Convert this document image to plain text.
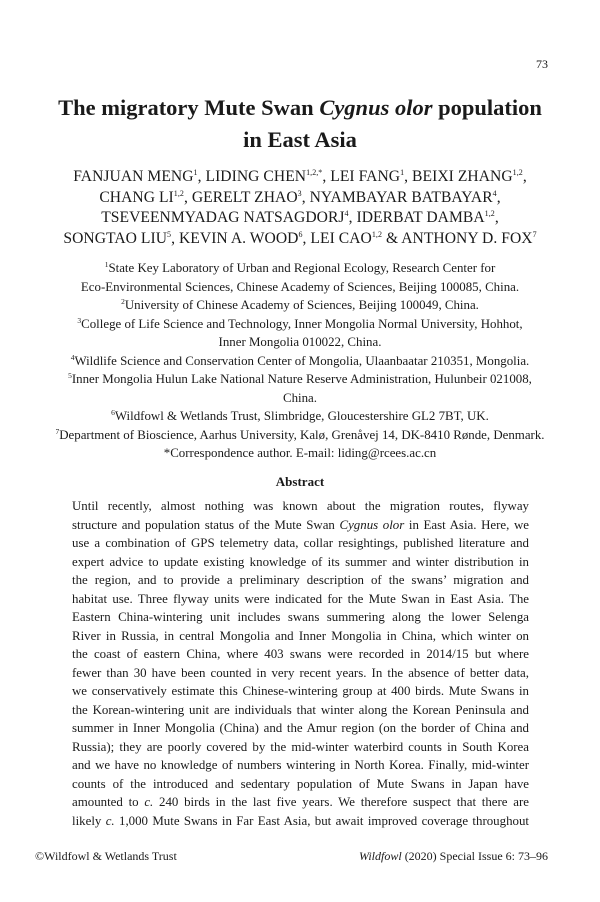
73
The migratory Mute Swan Cygnus olor population
in East Asia

FANJUAN MENG$^1$, LIDING $CHEN^{1,2,*}$, LEI FANG$^1$, BEIXI ZHANG$^{1,2}$,
CHANG LI$^{1,2}$, GERELT ZHAO$^3$, NYAMBAYAR BATBAYAR$^4$,
TSEVEENMYADAG NATSAGDORJ$^4$, IDERBAT DAMBA$^{1,2}$,
SONGTAO LIU$^5$, KEVIN A. WOOD$^6$, LEI CAO$^{1,2}$ & ANTHONY D. FOX$^7$

$^1$State Key Laboratory of Urban and Regional Ecology, Research Center for
Eco-Environmental Sciences, Chinese Academy of Sciences, Beijing 100085, China.
$^2$University of Chinese Academy of Sciences, Beijing 100049, China.
$^3$College of Life Science and Technology, Inner Mongolia Normal University, Hohhot,
Inner Mongolia 010022, China.
$^4$Wildlife Science and Conservation Center of Mongolia, Ulaanbaatar 210351, Mongolia.
$^5$Inner Mongolia Hulun Lake National Nature Reserve Administration, Hulunbeir 021008,
China.
$^6$Wildfowl & Wetlands Trust, Slimbridge, Gloucestershire GL2 7BT, UK.
$^7$Department of Bioscience, Aarhus University, Kalø, Grenåvej 14, DK-8410 Rønde, Denmark.
*Correspondence author. E-mail: liding@rcees.ac.cn

Abstract

Until recently, almost nothing was known about the migration routes, flyway
structure and population status of the Mute Swan Cygnus olor in East Asia. Here, we
use a combination of GPS telemetry data, collar resightings, published literature and
expert advice to update existing knowledge of its summer and winter distribution in
the region, and to provide a preliminary description of the swans’ migration and
habitat use. Three flyway units were indicated for the Mute Swan in East Asia. The
Eastern China-wintering unit includes swans summering along the lower Selenga
River in Russia, in central Mongolia and Inner Mongolia in China, which winter on
the coast of eastern China, where 403 swans were recorded in 2014/15 but where
fewer than 30 have been counted in very recent years. In the absence of better data,
we conservatively estimate this Chinese-wintering group at 400 birds. Mute Swans in
the Korean-wintering unit are individuals that winter along the Korean Peninsula and
summer in Inner Mongolia (China) and the Amur region (on the border of China and
Russia); they are poorly covered by the mid-winter waterbird counts in South Korea
and we have no knowledge of numbers wintering in North Korea. Finally, mid-winter
counts of the introduced and sedentary population of Mute Swans in Japan have
amounted to c. 240 birds in the last five years. We therefore suspect that there are
likely c. 1,000 Mute Swans in Far East Asia, but await improved coverage throughout

©Wildfowl & Wetlands Trust	Wildfowl (2020) Special Issue 6: 73–96
